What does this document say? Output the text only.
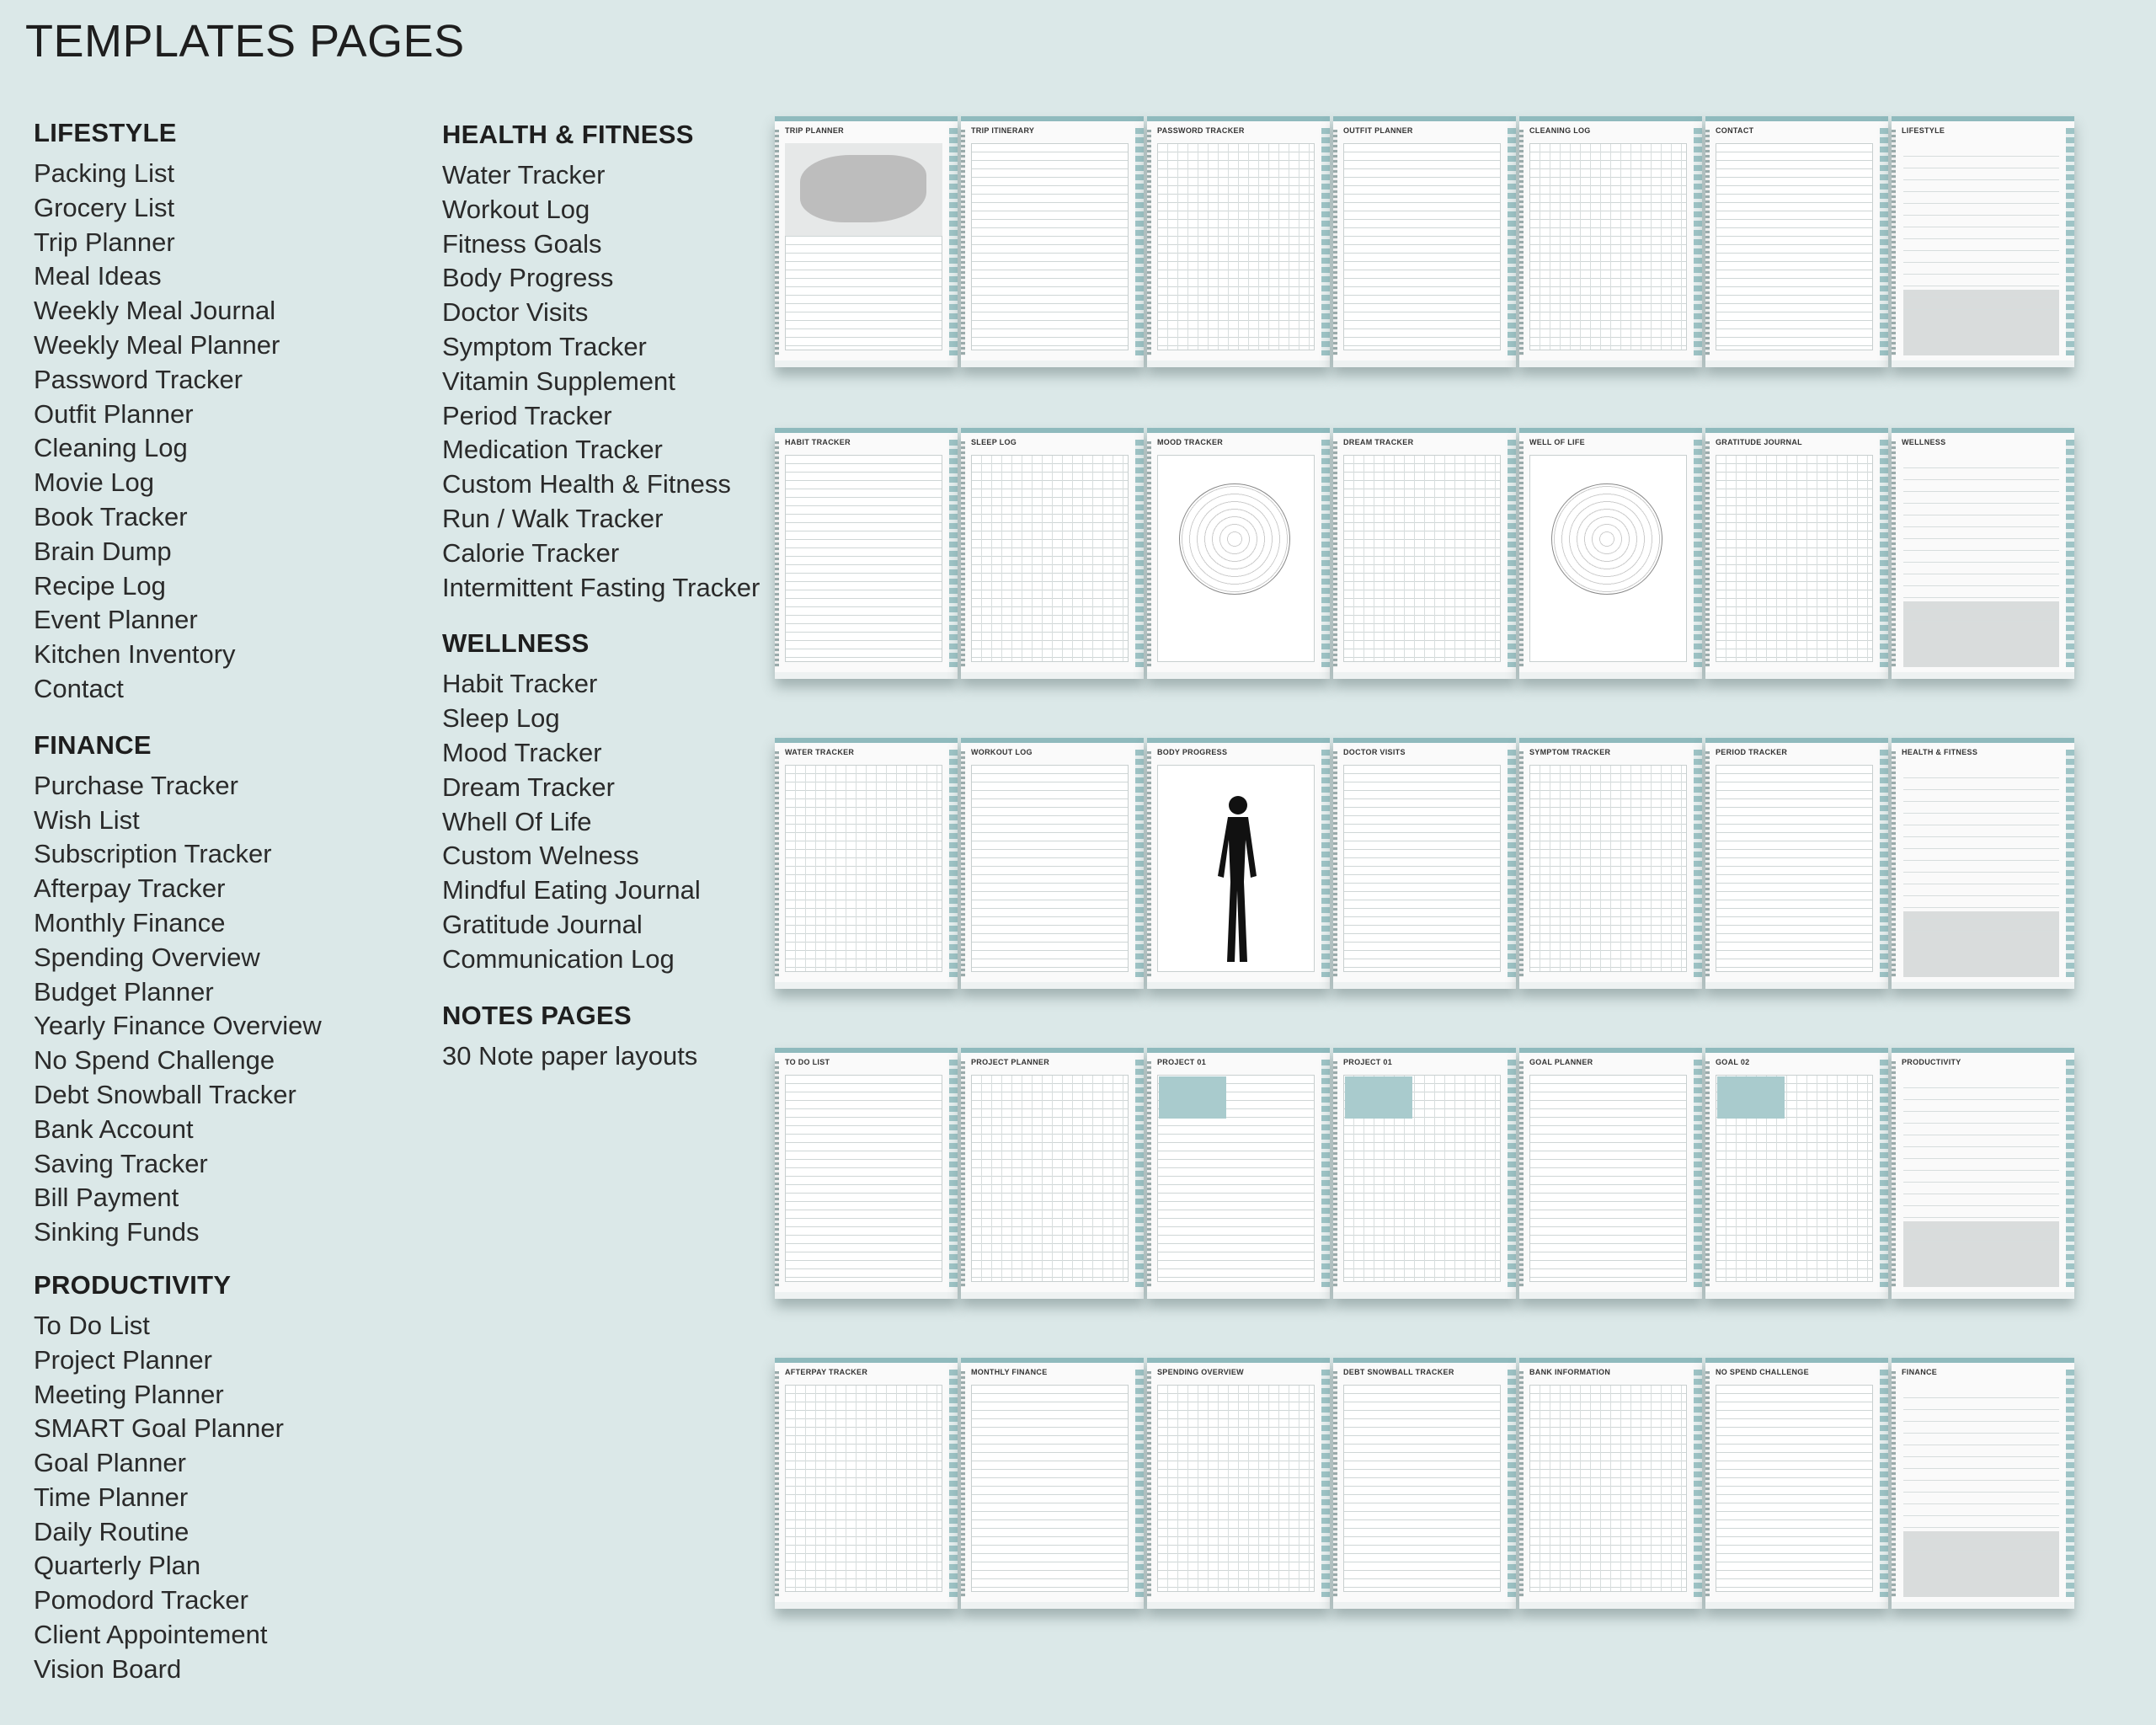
TEMPLATES PAGES
LIFESTYLE
Packing List
Grocery List
Trip Planner
Meal Ideas
Weekly Meal Journal
Weekly Meal Planner
Password Tracker
Outfit Planner
Cleaning Log
Movie Log
Book Tracker
Brain Dump
Recipe Log
Event Planner
Kitchen Inventory
Contact
FINANCE
Purchase Tracker
Wish List
Subscription Tracker
Afterpay Tracker
Monthly Finance
Spending Overview
Budget Planner
Yearly Finance Overview
No Spend Challenge
Debt Snowball Tracker
Bank Account
Saving Tracker
Bill Payment
Sinking Funds
PRODUCTIVITY
To Do List
Project Planner
Meeting Planner
SMART Goal Planner
Goal Planner
Time Planner
Daily Routine
Quarterly Plan
Pomodord Tracker
Client Appointement
Vision Board
HEALTH & FITNESS
Water Tracker
Workout Log
Fitness Goals
Body Progress
Doctor Visits
Symptom Tracker
Vitamin Supplement
Period Tracker
Medication Tracker
Custom Health & Fitness
Run / Walk Tracker
Calorie Tracker
Intermittent Fasting Tracker
WELLNESS
Habit Tracker
Sleep Log
Mood Tracker
Dream Tracker
Whell Of Life
Custom Welness
Mindful Eating Journal
Gratitude Journal
Communication Log
NOTES PAGES
30 Note paper layouts
TRIP PLANNER	TRIP ITINERARY	PASSWORD TRACKER	OUTFIT PLANNER	CLEANING LOG	CONTACT	LIFESTYLE
HABIT TRACKER	SLEEP LOG	MOOD TRACKER	DREAM TRACKER	WELL OF LIFE	GRATITUDE JOURNAL	WELLNESS
WATER TRACKER	WORKOUT LOG	BODY PROGRESS	DOCTOR VISITS	SYMPTOM TRACKER	PERIOD TRACKER	HEALTH & FITNESS
TO DO LIST	PROJECT PLANNER	PROJECT 01	PROJECT 01	GOAL PLANNER	GOAL 02	PRODUCTIVITY
AFTERPAY TRACKER	MONTHLY FINANCE	SPENDING OVERVIEW	DEBT SNOWBALL TRACKER	BANK INFORMATION	NO SPEND CHALLENGE	FINANCE
